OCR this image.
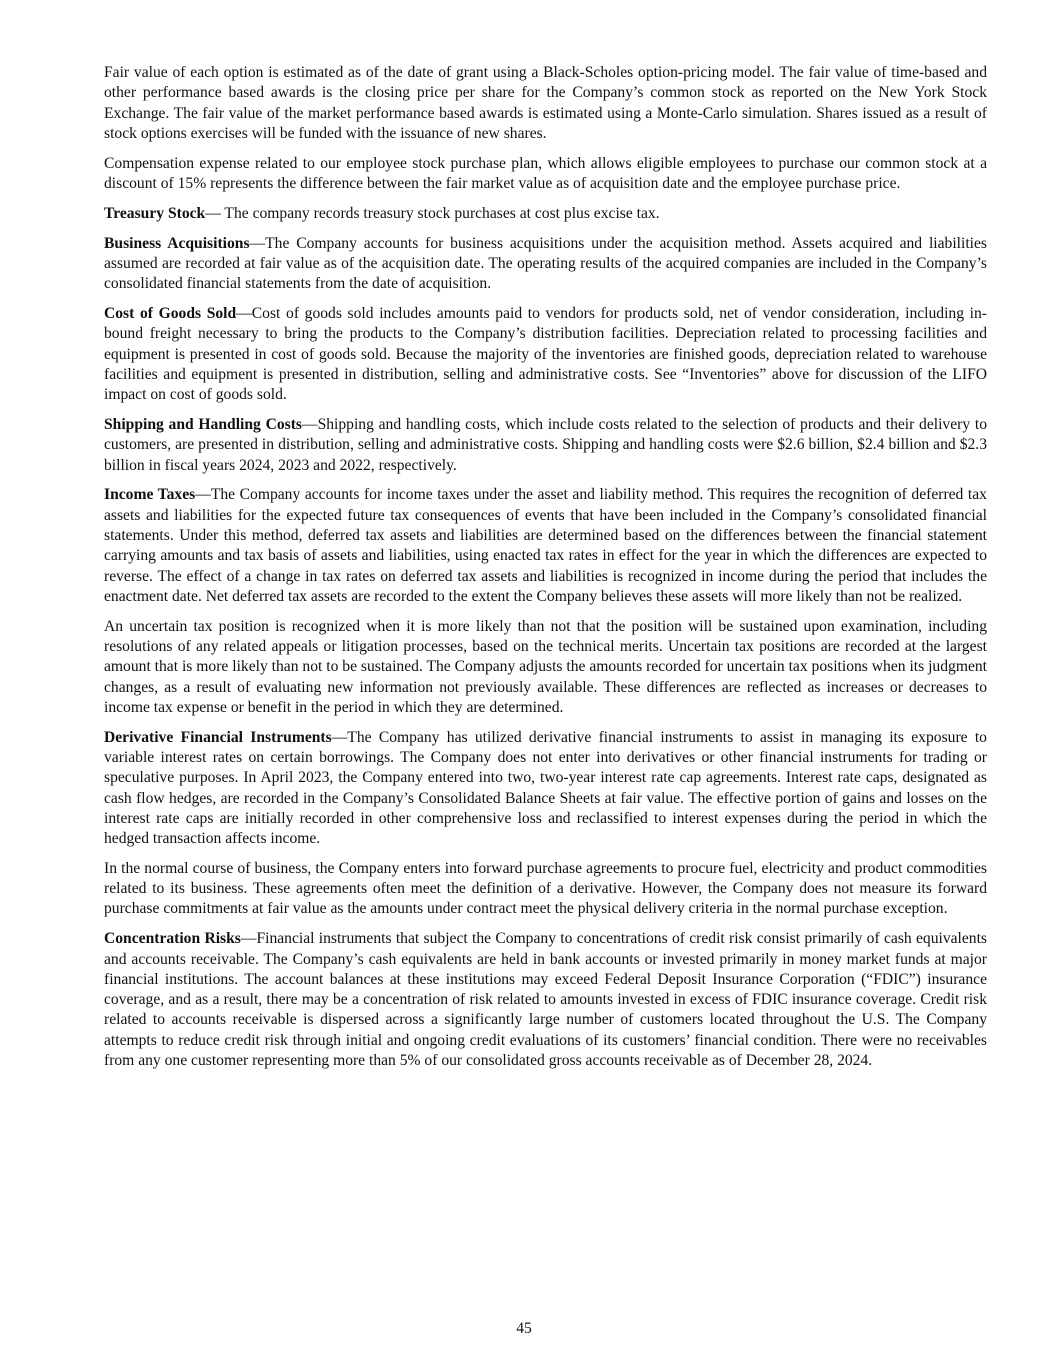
Fair value of each option is estimated as of the date of grant using a Black-Scholes option-pricing model. The fair value of time-based and other performance based awards is the closing price per share for the Company’s common stock as reported on the New York Stock Exchange. The fair value of the market performance based awards is estimated using a Monte-Carlo simulation. Shares issued as a result of stock options exercises will be funded with the issuance of new shares.

Compensation expense related to our employee stock purchase plan, which allows eligible employees to purchase our common stock at a discount of 15% represents the difference between the fair market value as of acquisition date and the employee purchase price.

Treasury Stock— The company records treasury stock purchases at cost plus excise tax.

Business Acquisitions—The Company accounts for business acquisitions under the acquisition method. Assets acquired and liabilities assumed are recorded at fair value as of the acquisition date. The operating results of the acquired companies are included in the Company’s consolidated financial statements from the date of acquisition.

Cost of Goods Sold—Cost of goods sold includes amounts paid to vendors for products sold, net of vendor consideration, including in-bound freight necessary to bring the products to the Company’s distribution facilities. Depreciation related to processing facilities and equipment is presented in cost of goods sold. Because the majority of the inventories are finished goods, depreciation related to warehouse facilities and equipment is presented in distribution, selling and administrative costs. See “Inventories” above for discussion of the LIFO impact on cost of goods sold.

Shipping and Handling Costs—Shipping and handling costs, which include costs related to the selection of products and their delivery to customers, are presented in distribution, selling and administrative costs. Shipping and handling costs were $2.6 billion, $2.4 billion and $2.3 billion in fiscal years 2024, 2023 and 2022, respectively.

Income Taxes—The Company accounts for income taxes under the asset and liability method. This requires the recognition of deferred tax assets and liabilities for the expected future tax consequences of events that have been included in the Company’s consolidated financial statements. Under this method, deferred tax assets and liabilities are determined based on the differences between the financial statement carrying amounts and tax basis of assets and liabilities, using enacted tax rates in effect for the year in which the differences are expected to reverse. The effect of a change in tax rates on deferred tax assets and liabilities is recognized in income during the period that includes the enactment date. Net deferred tax assets are recorded to the extent the Company believes these assets will more likely than not be realized.

An uncertain tax position is recognized when it is more likely than not that the position will be sustained upon examination, including resolutions of any related appeals or litigation processes, based on the technical merits. Uncertain tax positions are recorded at the largest amount that is more likely than not to be sustained. The Company adjusts the amounts recorded for uncertain tax positions when its judgment changes, as a result of evaluating new information not previously available. These differences are reflected as increases or decreases to income tax expense or benefit in the period in which they are determined.

Derivative Financial Instruments—The Company has utilized derivative financial instruments to assist in managing its exposure to variable interest rates on certain borrowings. The Company does not enter into derivatives or other financial instruments for trading or speculative purposes. In April 2023, the Company entered into two, two-year interest rate cap agreements. Interest rate caps, designated as cash flow hedges, are recorded in the Company’s Consolidated Balance Sheets at fair value. The effective portion of gains and losses on the interest rate caps are initially recorded in other comprehensive loss and reclassified to interest expenses during the period in which the hedged transaction affects income.

In the normal course of business, the Company enters into forward purchase agreements to procure fuel, electricity and product commodities related to its business. These agreements often meet the definition of a derivative. However, the Company does not measure its forward purchase commitments at fair value as the amounts under contract meet the physical delivery criteria in the normal purchase exception.

Concentration Risks—Financial instruments that subject the Company to concentrations of credit risk consist primarily of cash equivalents and accounts receivable. The Company’s cash equivalents are held in bank accounts or invested primarily in money market funds at major financial institutions. The account balances at these institutions may exceed Federal Deposit Insurance Corporation (“FDIC”) insurance coverage, and as a result, there may be a concentration of risk related to amounts invested in excess of FDIC insurance coverage. Credit risk related to accounts receivable is dispersed across a significantly large number of customers located throughout the U.S. The Company attempts to reduce credit risk through initial and ongoing credit evaluations of its customers’ financial condition. There were no receivables from any one customer representing more than 5% of our consolidated gross accounts receivable as of December 28, 2024.

45
